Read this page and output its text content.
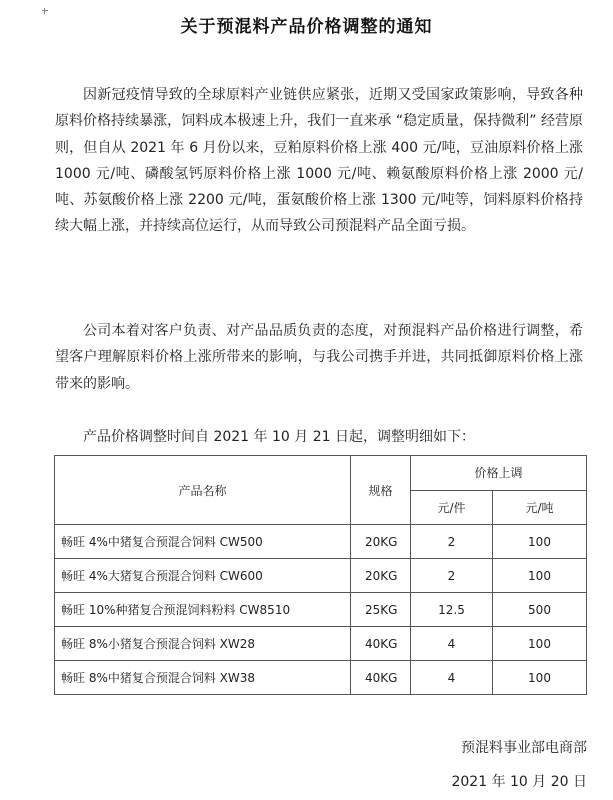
关于预混料产品价格调整的通知

因新冠疫情导致的全球原料产业链供应紧张，近期又受国家政策影响，导致各种原料价格持续暴涨，饲料成本极速上升，我们一直来承 “稳定质量，保持微利” 经营原则，但自从 2021 年 6 月份以来，豆粕原料价格上涨 400 元/吨，豆油原料价格上涨 1000 元/吨、磷酸氢钙原料价格上涨 1000 元/吨、赖氨酸原料价格上涨 2000 元/吨、苏氨酸价格上涨 2200 元/吨，蛋氨酸价格上涨 1300 元/吨等，饲料原料价格持续大幅上涨，并持续高位运行，从而导致公司预混料产品全面亏损。

公司本着对客户负责、对产品品质负责的态度，对预混料产品价格进行调整，希望客户理解原料价格上涨所带来的影响，与我公司携手并进，共同抵御原料价格上涨带来的影响。

产品价格调整时间自 2021 年 10 月 21 日起，调整明细如下：

产品名称	规格	价格上调	
		元/件	元/吨
畅旺 4%中猪复合预混合饲料 CW500	20KG	2	100
畅旺 4%大猪复合预混合饲料 CW600	20KG	2	100
畅旺 10%种猪复合预混饲料粉料 CW8510	25KG	12.5	500
畅旺 8%小猪复合预混合饲料 XW28	40KG	4	100
畅旺 8%中猪复合预混合饲料 XW38	40KG	4	100
预混料事业部电商部
2021 年 10 月 20 日
